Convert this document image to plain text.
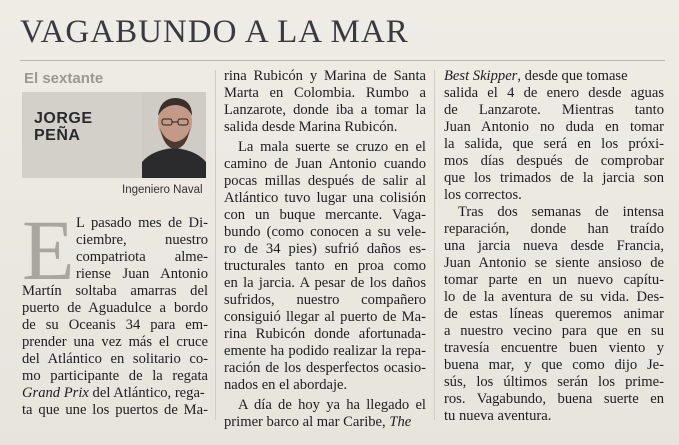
VAGABUNDO A LA MAR
El sextante
JORGE
PEÑA
Ingeniero Naval
E L pasado mes de Di-
ciembre, nuestro
compatriota alme-
riense Juan Antonio
Martín soltaba amarras del
puerto de Aguadulce a bordo
de su Oceanis 34 para em-
prender una vez más el cruce
del Atlántico en solitario co-
mo participante de la regata
Grand Prix del Atlántico, rega-
ta que une los puertos de Ma-
rina Rubicón y Marina de Santa
Marta en Colombia. Rumbo a
Lanzarote, donde iba a tomar la
salida desde Marina Rubicón.
La mala suerte se cruzo en el
camino de Juan Antonio cuando
pocas millas después de salir al
Atlántico tuvo lugar una colisión
con un buque mercante. Vaga-
bundo (como conocen a su vele-
ro de 34 pies) sufrió daños es-
tructurales tanto en proa como
en la jarcia. A pesar de los daños
sufridos, nuestro compañero
consiguió llegar al puerto de Ma-
rina Rubicón donde afortunada-
emente ha podido realizar la repa-
ración de los desperfectos ocasio-
nados en el abordaje.
A día de hoy ya ha llegado el
primer barco al mar Caribe, The
Best Skipper, desde que tomase
salida el 4 de enero desde aguas
de Lanzarote. Mientras tanto
Juan Antonio no duda en tomar
la salida, que será en los próxi-
mos días después de comprobar
que los trimados de la jarcia son
los correctos.
Tras dos semanas de intensa
reparación, donde han traído
una jarcia nueva desde Francia,
Juan Antonio se siente ansioso de
tomar parte en un nuevo capítu-
lo de la aventura de su vida. Des-
de estas líneas queremos animar
a nuestro vecino para que en su
travesía encuentre buen viento y
buena mar, y que como dijo Je-
sús, los últimos serán los prime-
ros. Vagabundo, buena suerte en
tu nueva aventura.
